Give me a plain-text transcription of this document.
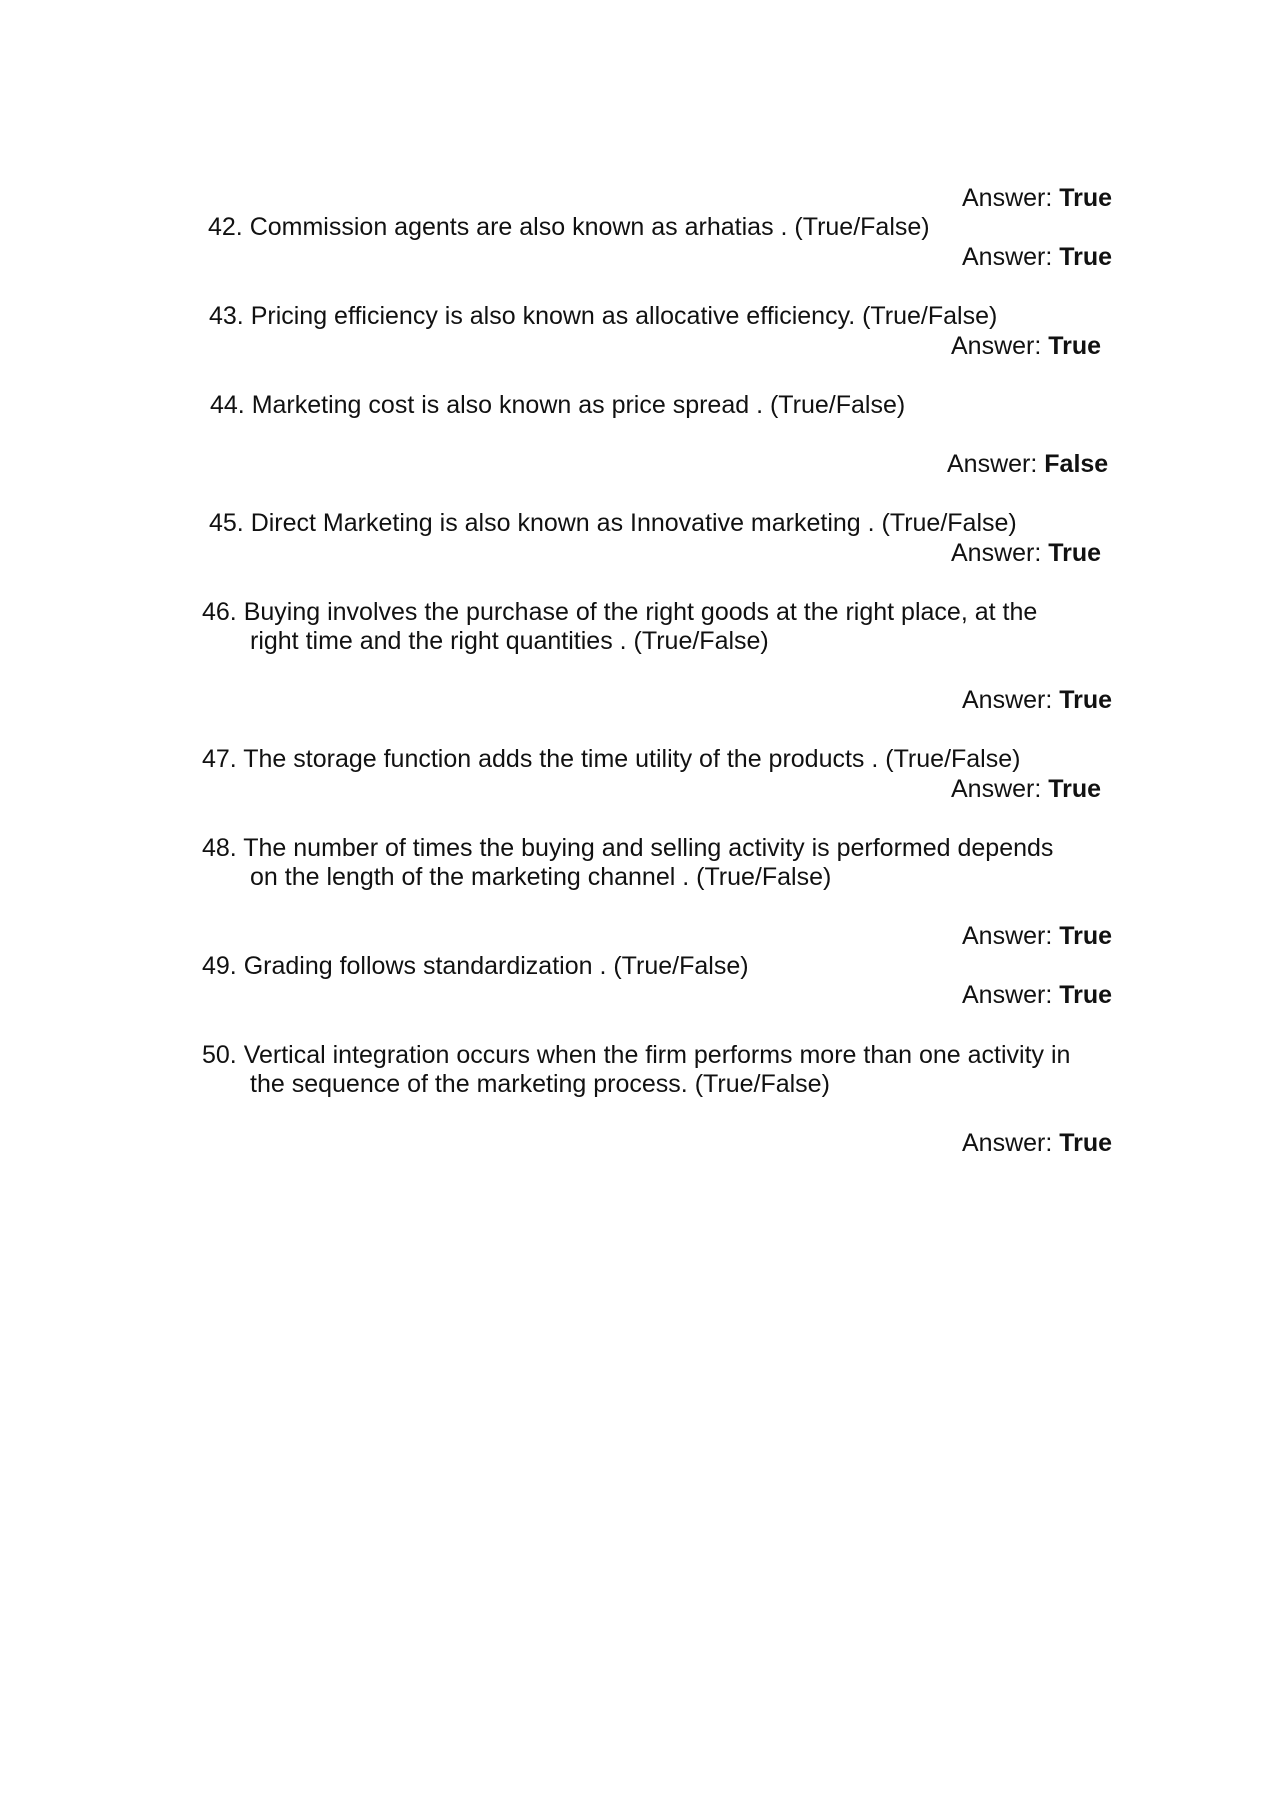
Answer: True
42. Commission agents are also known as arhatias . (True/False)
Answer: True
43. Pricing efficiency is also known as allocative efficiency. (True/False)
Answer: True
44. Marketing cost is also known as price spread . (True/False)
Answer: False
45. Direct Marketing is also known as Innovative marketing . (True/False)
Answer: True
46. Buying involves the purchase of the right goods at the right place, at the
right time and the right quantities . (True/False)
Answer: True
47. The storage function adds the time utility of the products . (True/False)
Answer: True
48. The number of times the buying and selling activity is performed depends
on the length of the marketing channel . (True/False)
Answer: True
49. Grading follows standardization . (True/False)
Answer: True
50. Vertical integration occurs when the firm performs more than one activity in
the sequence of the marketing process. (True/False)
Answer: True
